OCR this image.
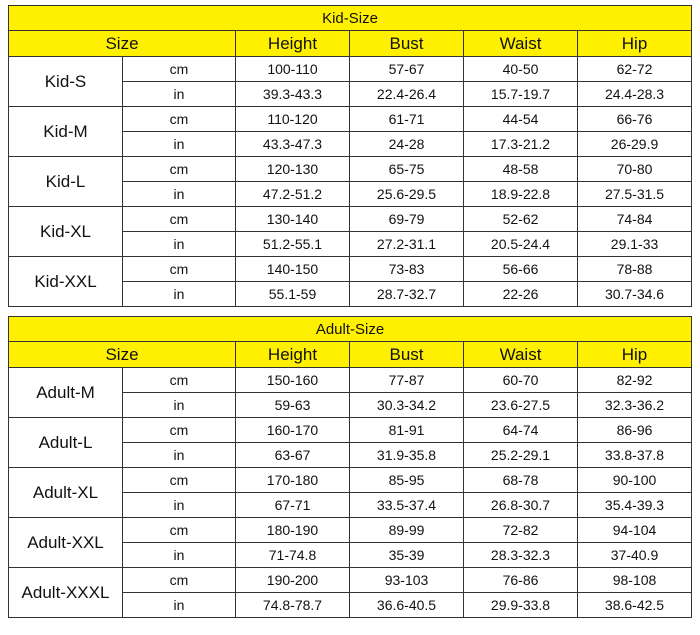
Kid-Size					
Size		Height	Bust	Waist	Hip
Kid-S	cm	100-110	57-67	40-50	62-72
	in	39.3-43.3	22.4-26.4	15.7-19.7	24.4-28.3
Kid-M	cm	110-120	61-71	44-54	66-76
	in	43.3-47.3	24-28	17.3-21.2	26-29.9
Kid-L	cm	120-130	65-75	48-58	70-80
	in	47.2-51.2	25.6-29.5	18.9-22.8	27.5-31.5
Kid-XL	cm	130-140	69-79	52-62	74-84
	in	51.2-55.1	27.2-31.1	20.5-24.4	29.1-33
Kid-XXL	cm	140-150	73-83	56-66	78-88
	in	55.1-59	28.7-32.7	22-26	30.7-34.6
Adult-Size					
Size		Height	Bust	Waist	Hip
Adult-M	cm	150-160	77-87	60-70	82-92
	in	59-63	30.3-34.2	23.6-27.5	32.3-36.2
Adult-L	cm	160-170	81-91	64-74	86-96
	in	63-67	31.9-35.8	25.2-29.1	33.8-37.8
Adult-XL	cm	170-180	85-95	68-78	90-100
	in	67-71	33.5-37.4	26.8-30.7	35.4-39.3
Adult-XXL	cm	180-190	89-99	72-82	94-104
	in	71-74.8	35-39	28.3-32.3	37-40.9
Adult-XXXL	cm	190-200	93-103	76-86	98-108
	in	74.8-78.7	36.6-40.5	29.9-33.8	38.6-42.5
